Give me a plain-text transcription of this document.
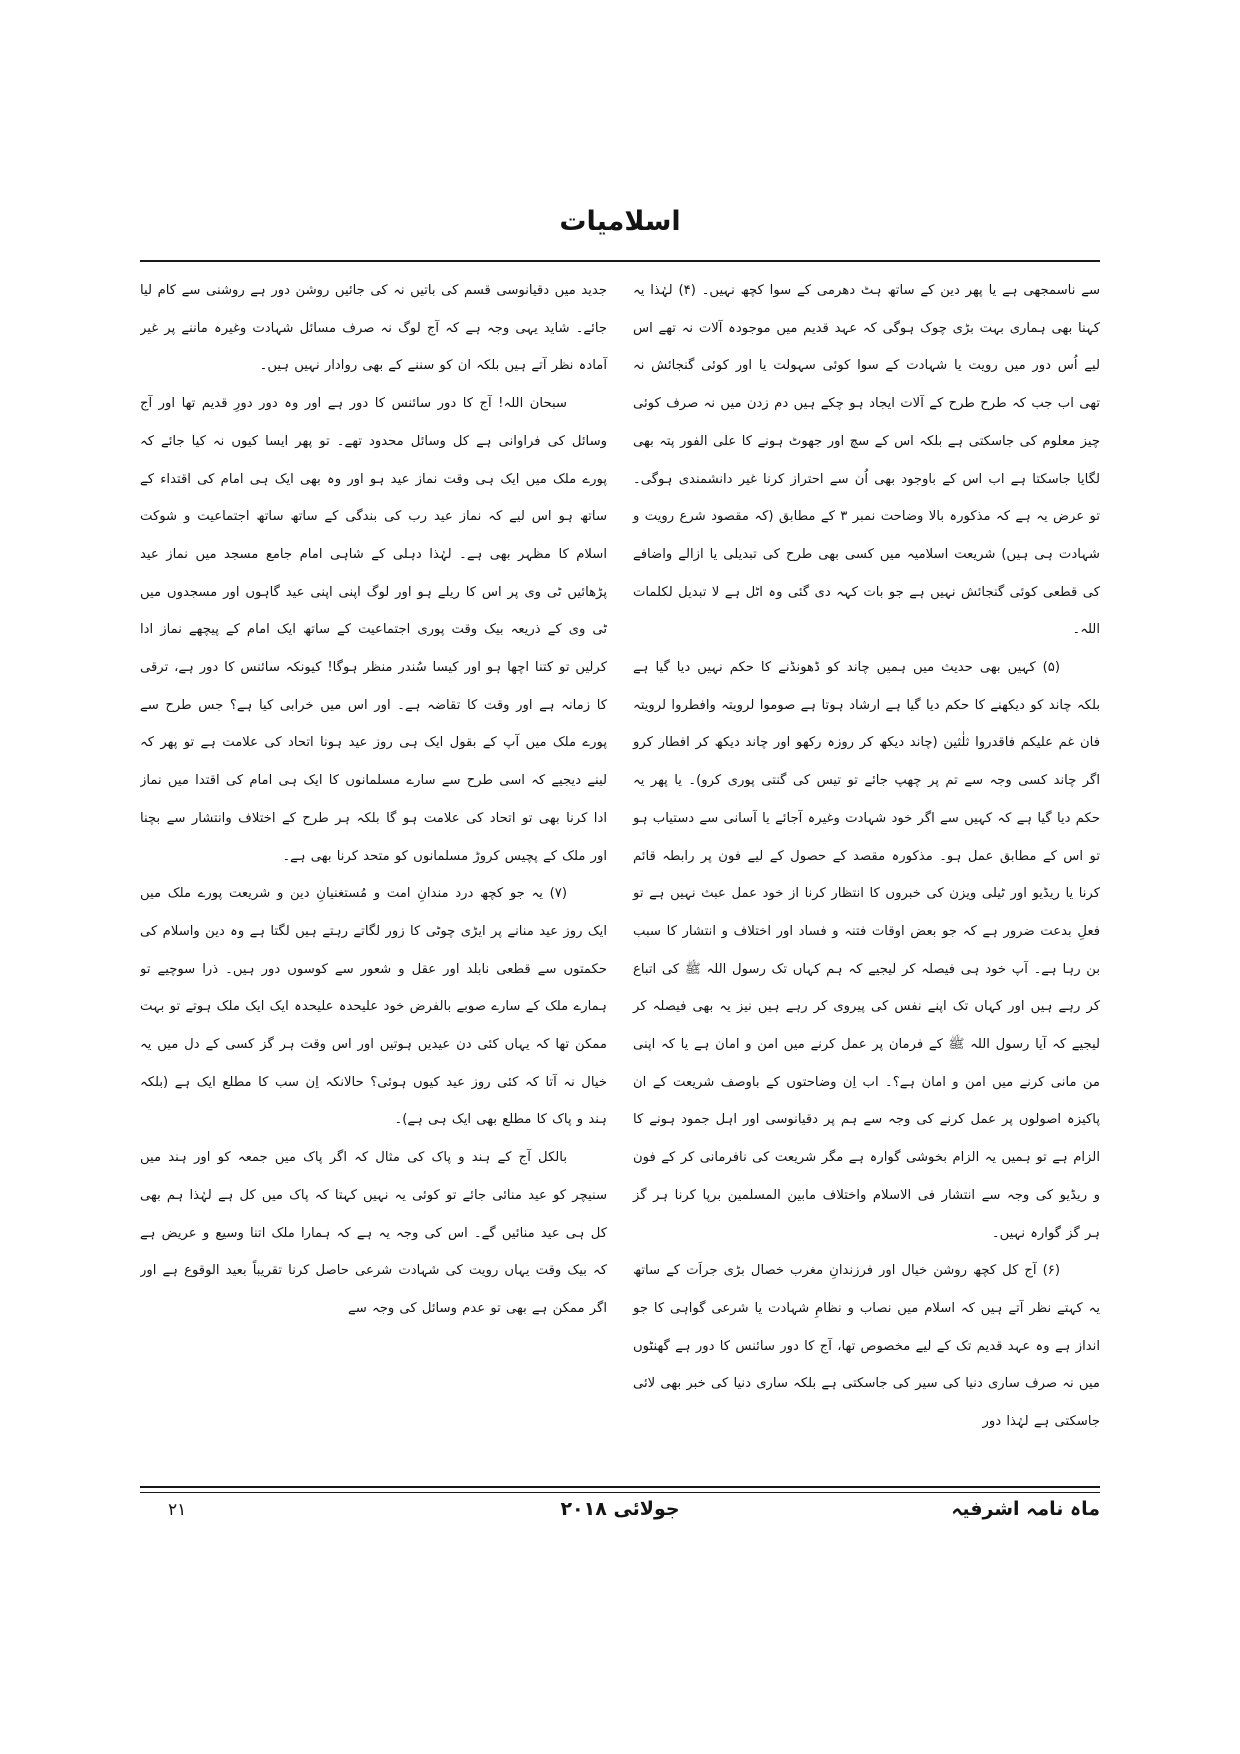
اسلامیات

سے ناسمجھی ہے یا پھر دین کے ساتھ ہٹ دھرمی کے سوا کچھ نہیں۔ (۴) لہٰذا یہ کہنا بھی ہماری بہت بڑی چوک ہوگی کہ عہد قدیم میں موجودہ آلات نہ تھے اس لیے اُس دور میں رویت یا شہادت کے سوا کوئی سہولت یا اور کوئی گنجائش نہ تھی اب جب کہ طرح طرح کے آلات ایجاد ہو چکے ہیں دم زدن میں نہ صرف کوئی چیز معلوم کی جاسکتی ہے بلکہ اس کے سچ اور جھوٹ ہونے کا علی الفور پتہ بھی لگایا جاسکتا ہے اب اس کے باوجود بھی اُن سے احتراز کرنا غیر دانشمندی ہوگی۔ تو عرض یہ ہے کہ مذکورہ بالا وضاحت نمبر ۳ کے مطابق (کہ مقصود شرع رویت و شہادت ہی ہیں) شریعت اسلامیہ میں کسی بھی طرح کی تبدیلی یا ازالے واضافے کی قطعی کوئی گنجائش نہیں ہے جو بات کہہ دی گئی وہ اٹل ہے لا تبدیل لکلمات اللہ۔

(۵) کہیں بھی حدیث میں ہمیں چاند کو ڈھونڈنے کا حکم نہیں دیا گیا ہے بلکہ چاند کو دیکھنے کا حکم دیا گیا ہے ارشاد ہوتا ہے صوموا لرویتہ وافطروا لرویتہ فان غم علیکم فاقدروا ثلٰثین (چاند دیکھ کر روزہ رکھو اور چاند دیکھ کر افطار کرو اگر چاند کسی وجہ سے تم پر چھپ جائے تو تیس کی گنتی پوری کرو)۔ یا پھر یہ حکم دیا گیا ہے کہ کہیں سے اگر خود شہادت وغیرہ آجائے یا آسانی سے دستیاب ہو تو اس کے مطابق عمل ہو۔ مذکورہ مقصد کے حصول کے لیے فون پر رابطہ قائم کرنا یا ریڈیو اور ٹیلی ویزن کی خبروں کا انتظار کرنا از خود عمل عبث نہیں ہے تو فعلِ بدعت ضرور ہے کہ جو بعض اوقات فتنہ و فساد اور اختلاف و انتشار کا سبب بن رہا ہے۔ آپ خود ہی فیصلہ کر لیجیے کہ ہم کہاں تک رسول اللہ ﷺ کی اتباع کر رہے ہیں اور کہاں تک اپنے نفس کی پیروی کر رہے ہیں نیز یہ بھی فیصلہ کر لیجیے کہ آیا رسول اللہ ﷺ کے فرمان پر عمل کرنے میں امن و امان ہے یا کہ اپنی من مانی کرنے میں امن و امان ہے؟۔ اب اِن وضاحتوں کے باوصف شریعت کے ان پاکیزہ اصولوں پر عمل کرنے کی وجہ سے ہم پر دقیانوسی اور اہل جمود ہونے کا الزام ہے تو ہمیں یہ الزام بخوشی گوارہ ہے مگر شریعت کی نافرمانی کر کے فون و ریڈیو کی وجہ سے انتشار فی الاسلام واختلاف مابین المسلمین برپا کرنا ہر گز ہر گز گوارہ نہیں۔

(۶) آج کل کچھ روشن خیال اور فرزندانِ مغرب خصال بڑی جراَت کے ساتھ یہ کہتے نظر آتے ہیں کہ اسلام میں نصاب و نظامِ شہادت یا شرعی گواہی کا جو انداز ہے وہ عہد قدیم تک کے لیے مخصوص تھا، آج کا دور سائنس کا دور ہے گھنٹوں میں نہ صرف ساری دنیا کی سیر کی جاسکتی ہے بلکہ ساری دنیا کی خبر بھی لائی جاسکتی ہے لہٰذا دور

جدید میں دقیانوسی قسم کی باتیں نہ کی جائیں روشن دور ہے روشنی سے کام لیا جائے۔ شاید یہی وجہ ہے کہ آج لوگ نہ صرف مسائل شہادت وغیرہ ماننے پر غیر آمادہ نظر آتے ہیں بلکہ ان کو سننے کے بھی روادار نہیں ہیں۔

سبحان اللہ! آج کا دور سائنس کا دور ہے اور وہ دور دورِ قدیم تھا اور آج وسائل کی فراوانی ہے کل وسائل محدود تھے۔ تو پھر ایسا کیوں نہ کیا جائے کہ پورے ملک میں ایک ہی وقت نماز عید ہو اور وہ بھی ایک ہی امام کی اقتداء کے ساتھ ہو اس لیے کہ نماز عید رب کی بندگی کے ساتھ ساتھ اجتماعیت و شوکت اسلام کا مظہر بھی ہے۔ لہٰذا دہلی کے شاہی امام جامع مسجد میں نماز عید پڑھائیں ٹی وی پر اس کا ریلے ہو اور لوگ اپنی اپنی عید گاہوں اور مسجدوں میں ٹی وی کے ذریعہ بیک وقت پوری اجتماعیت کے ساتھ ایک امام کے پیچھے نماز ادا کرلیں تو کتنا اچھا ہو اور کیسا سُندر منظر ہوگا! کیونکہ سائنس کا دور ہے، ترقی کا زمانہ ہے اور وقت کا تقاضہ ہے۔ اور اس میں خرابی کیا ہے؟ جس طرح سے پورے ملک میں آپ کے بقول ایک ہی روز عید ہونا اتحاد کی علامت ہے تو پھر کہ لینے دیجیے کہ اسی طرح سے سارے مسلمانوں کا ایک ہی امام کی اقتدا میں نماز ادا کرنا بھی تو اتحاد کی علامت ہو گا بلکہ ہر طرح کے اختلاف وانتشار سے بچنا اور ملک کے پچیس کروڑ مسلمانوں کو متحد کرنا بھی ہے۔

(۷) یہ جو کچھ درد مندانِ امت و مُستغنیانِ دین و شریعت پورے ملک میں ایک روز عید منانے پر ایڑی چوٹی کا زور لگاتے رہتے ہیں لگتا ہے وہ دین واسلام کی حکمتوں سے قطعی نابلد اور عقل و شعور سے کوسوں دور ہیں۔ ذرا سوچیے تو ہمارے ملک کے سارے صوبے بالفرض خود علیحدہ علیحدہ ایک ایک ملک ہوتے تو بہت ممکن تھا کہ یہاں کئی دن عیدیں ہوتیں اور اس وقت ہر گز کسی کے دل میں یہ خیال نہ آتا کہ کئی روز عید کیوں ہوئی؟ حالانکہ اِن سب کا مطلع ایک ہے (بلکہ ہند و پاک کا مطلع بھی ایک ہی ہے)۔

بالکل آج کے ہند و پاک کی مثال کہ اگر پاک میں جمعہ کو اور ہند میں سنیچر کو عید منائی جائے تو کوئی یہ نہیں کہتا کہ پاک میں کل ہے لہٰذا ہم بھی کل ہی عید منائیں گے۔ اس کی وجہ یہ ہے کہ ہمارا ملک اتنا وسیع و عریض ہے کہ بیک وقت یہاں رویت کی شہادت شرعی حاصل کرنا تقریباً بعید الوقوع ہے اور اگر ممکن ہے بھی تو عدم وسائل کی وجہ سے

ماہ نامہ اشرفیہ
جولائی ۲۰۱۸
۲۱
